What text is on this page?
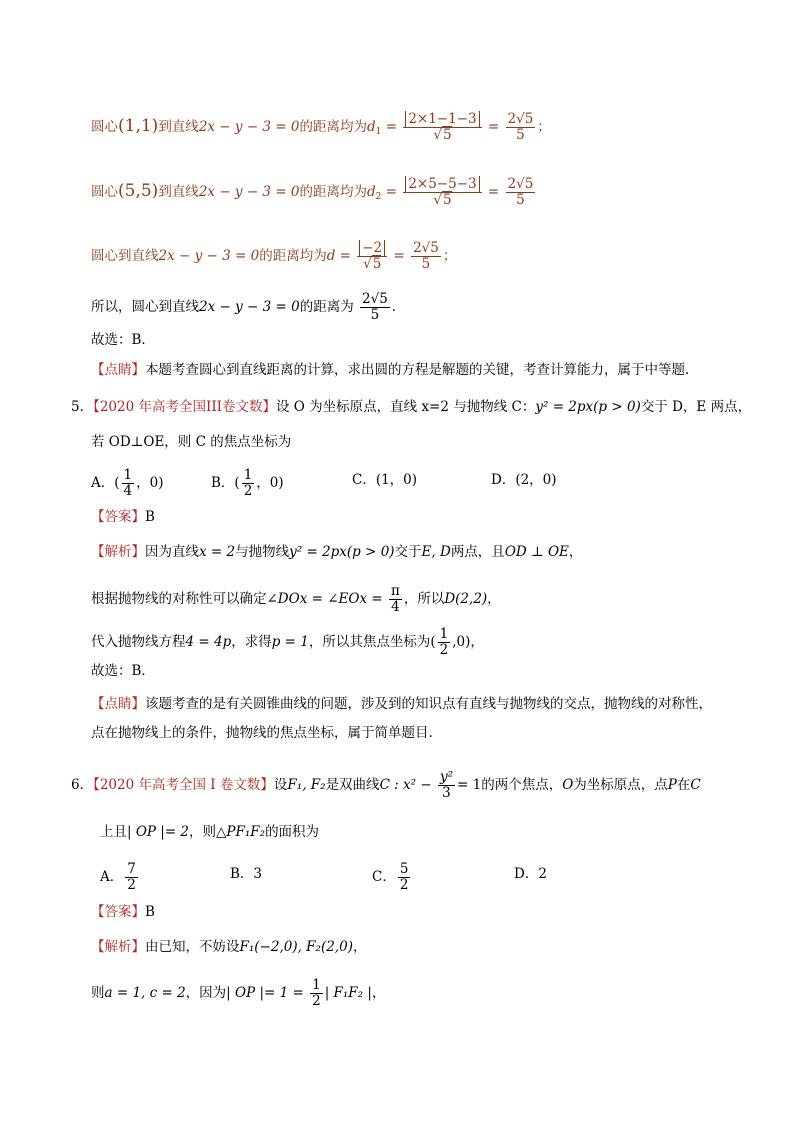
圆心(1,1)到直线2x − y − 3 = 0的距离均为$d_1 = \frac{2\times 1-1-3}{√5} = \frac{2√5}{5}$ ；
圆心(5,5)到直线2x − y − 3 = 0的距离均为$d_2 = \frac{2\times 5-5-3}{√5} = \frac{2√5}{5}$
圆心到直线2x − y − 3 = 0的距离均为$d = \frac{-2}{√5} = \frac{2√5}{5}$ ；
所以，圆心到直线2x − y − 3 = 0的距离为 $\frac{2√5}{5}$ .
故选：B．
【点睛】本题考查圆心到直线距离的计算，求出圆的方程是解题的关键，考查计算能力，属于中等题.
5．【2020 年高考全国III卷文数】设 O 为坐标原点，直线 x=2 与抛物线 C：y² = 2px(p > 0)交于 D，E 两点，
若 OD⊥OE，则 C 的焦点坐标为
A．( $\frac{1}{4}$ ，0)	B．( $\frac{1}{2}$ ，0)	C．(1，0)	D．(2，0)
【答案】B
【解析】因为直线x = 2与抛物线y² = 2px(p > 0)交于E, D两点，且OD ⊥ OE，
根据抛物线的对称性可以确定∠DOx = ∠EOx = $\frac{\pi}{4}$ ，所以D(2,2)，
代入抛物线方程4 = 4p，求得p = 1，所以其焦点坐标为( $\frac{1}{2} ,0$)，
故选：B．
【点睛】该题考查的是有关圆锥曲线的问题，涉及到的知识点有直线与抛物线的交点，抛物线的对称性，
点在抛物线上的条件，抛物线的焦点坐标，属于简单题目.
6．【2020 年高考全国 I 卷文数】设F₁, F₂是双曲线C : $x^2 - \frac{\text{y²}}{3} = 1$的两个焦点，O为坐标原点，点P在C
上且| OP |= 2，则△PF₁F₂的面积为
A． $\frac{7}{2}$	B．3	C． $\frac{5}{2}$	D．2
【答案】B
【解析】由已知，不妨设F₁(−2,0), F₂(2,0)，
则a = 1, c = 2，因为| OP |= $1 = \frac{1}{2}$ | F₁F₂ |，
